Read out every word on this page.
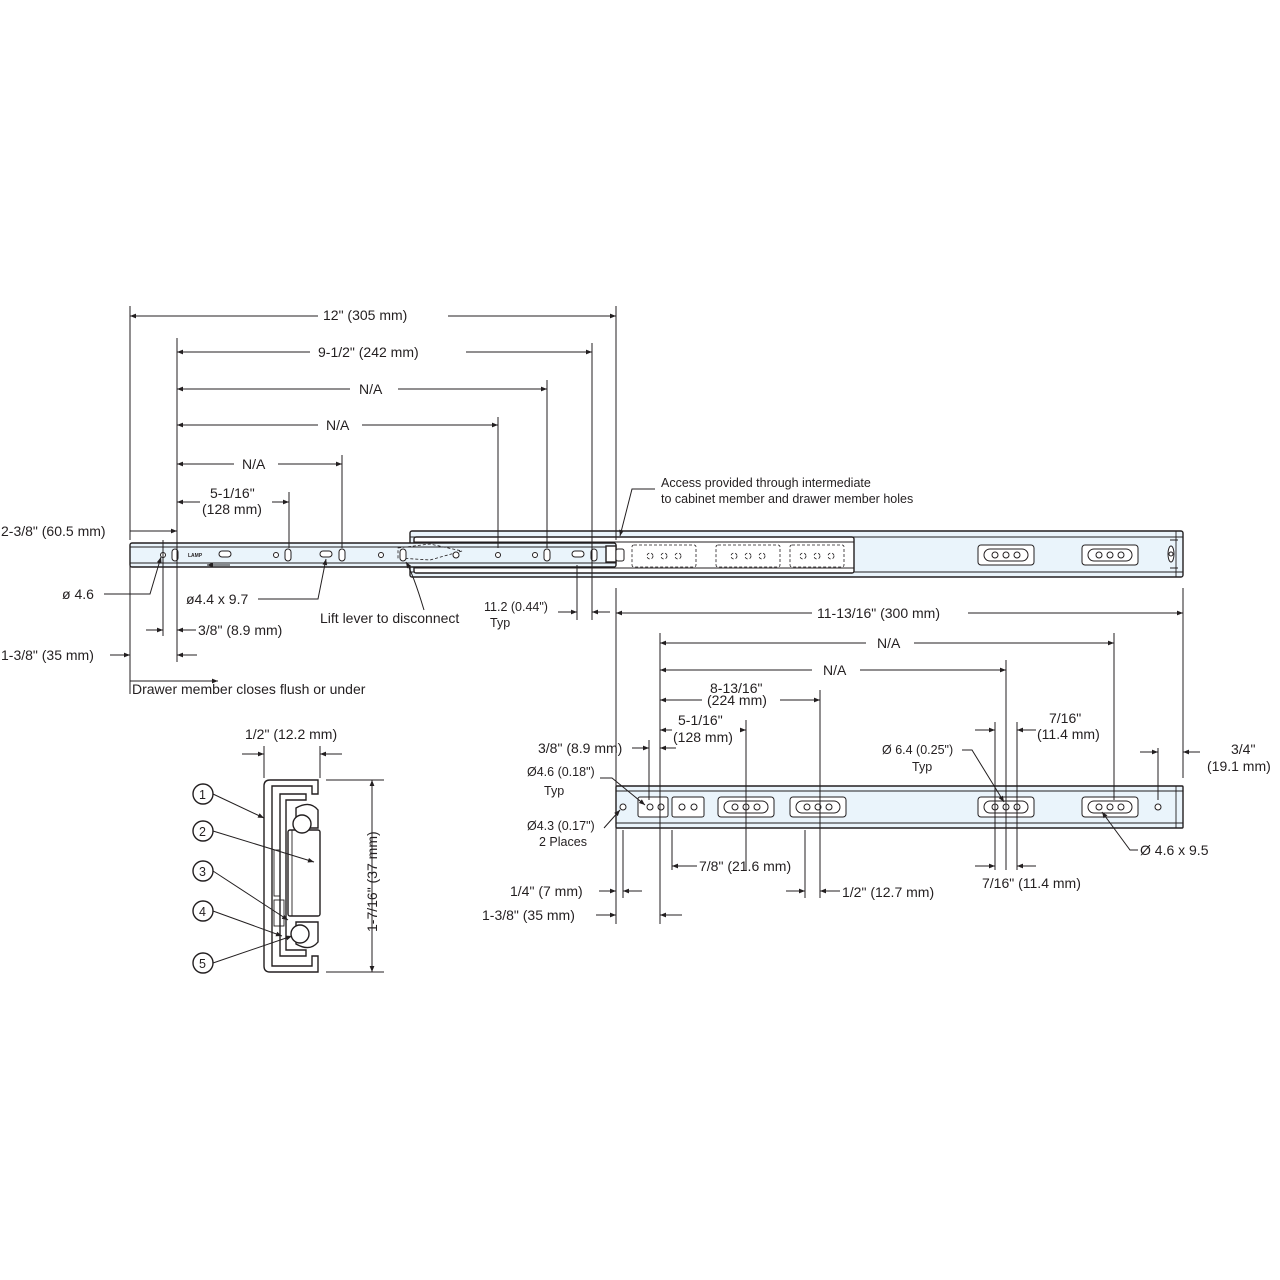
LAMP
12" (305 mm)
9-1/2" (242 mm)
N/A
N/A
N/A
5-1/16"
(128 mm)
2-3/8" (60.5 mm)
ø 4.6	ø4.4 x 9.7
3/8" (8.9 mm)
1-3/8" (35 mm)
Drawer member closes flush or under
Lift lever to disconnect
11.2 (0.44")
Typ
Access provided through intermediate
to cabinet member and drawer member holes
11-13/16" (300 mm)
N/A
N/A
8-13/16"
(224 mm)
5-1/16"
(128 mm)
3/8" (8.9 mm)
Ø4.6 (0.18")
Typ
Ø4.3 (0.17")
2 Places
7/8" (21.6 mm)
1/4" (7 mm)	1/2" (12.7 mm)
1-3/8" (35 mm)
Ø 6.4 (0.25")
Typ
7/16"
(11.4 mm)
7/16" (11.4 mm)
3/4"
(19.1 mm)
Ø 4.6 x 9.5
1/2" (12.2 mm)
1-7/16" (37 mm)
1
2
3
4
5
